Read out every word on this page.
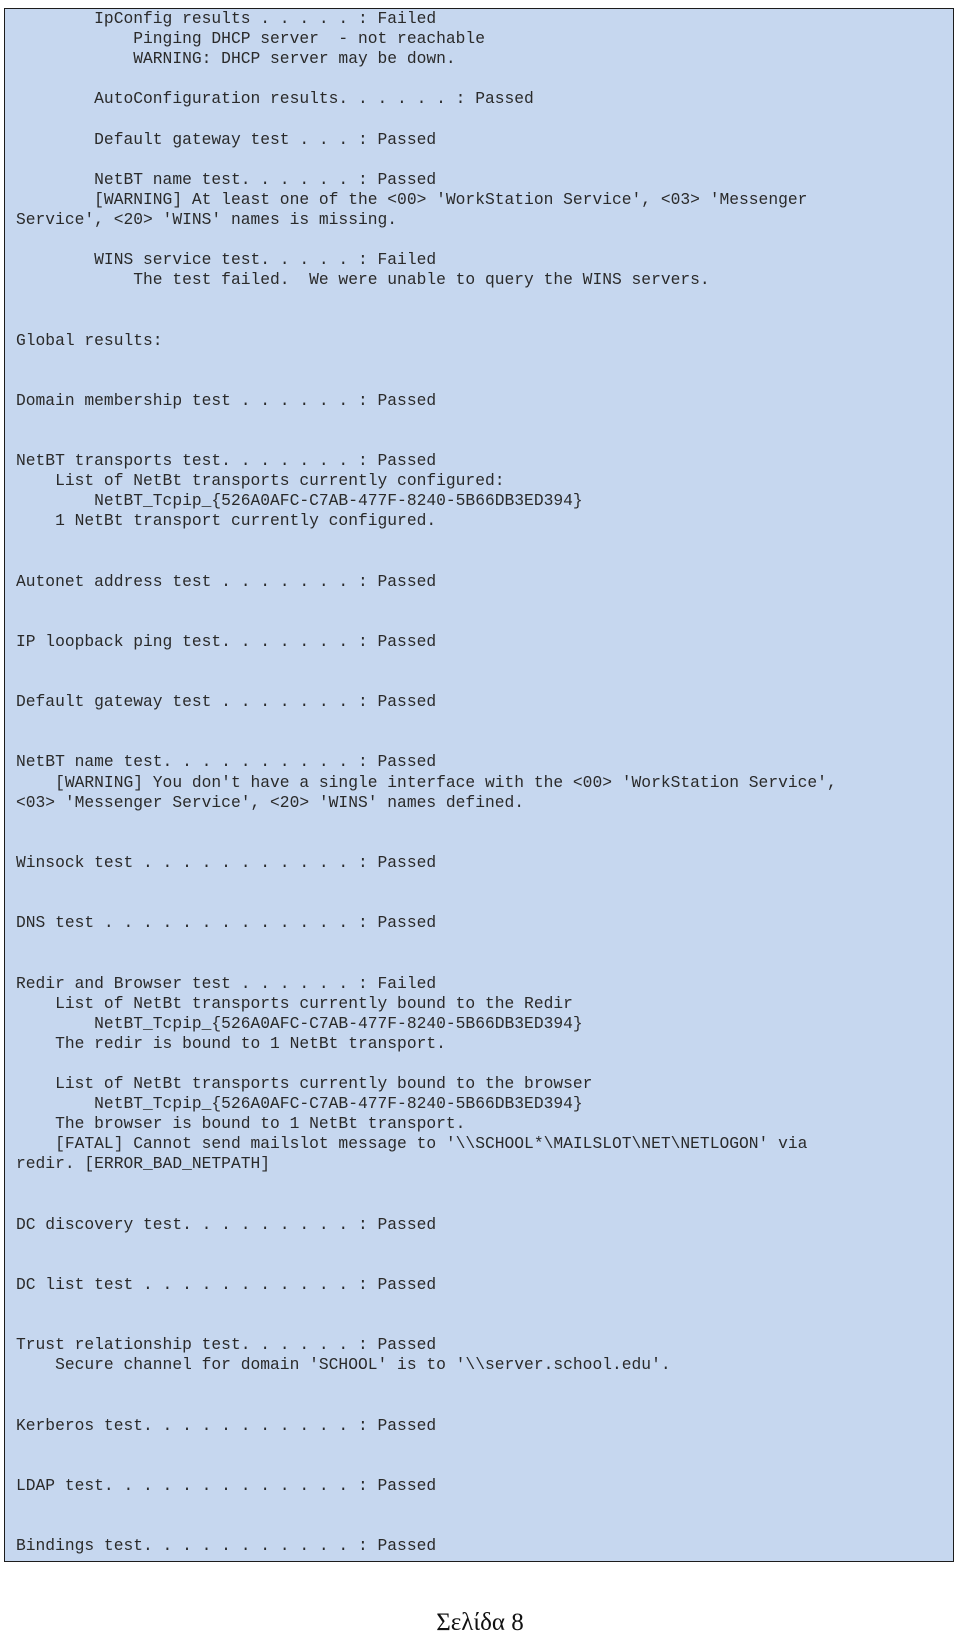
IpConfig results . . . . . : Failed
Pinging DHCP server  - not reachable
WARNING: DHCP server may be down.
AutoConfiguration results. . . . . . : Passed
Default gateway test . . . : Passed
NetBT name test. . . . . . : Passed
[WARNING] At least one of the <00> 'WorkStation Service', <03> 'Messenger
Service', <20> 'WINS' names is missing.
WINS service test. . . . . : Failed
The test failed.  We were unable to query the WINS servers.
Global results:
Domain membership test . . . . . . : Passed
NetBT transports test. . . . . . . : Passed
List of NetBt transports currently configured:
NetBT_Tcpip_{526A0AFC-C7AB-477F-8240-5B66DB3ED394}
1 NetBt transport currently configured.
Autonet address test . . . . . . . : Passed
IP loopback ping test. . . . . . . : Passed
Default gateway test . . . . . . . : Passed
NetBT name test. . . . . . . . . . : Passed
[WARNING] You don't have a single interface with the <00> 'WorkStation Service',
<03> 'Messenger Service', <20> 'WINS' names defined.
Winsock test . . . . . . . . . . . : Passed
DNS test . . . . . . . . . . . . . : Passed
Redir and Browser test . . . . . . : Failed
List of NetBt transports currently bound to the Redir
NetBT_Tcpip_{526A0AFC-C7AB-477F-8240-5B66DB3ED394}
The redir is bound to 1 NetBt transport.
List of NetBt transports currently bound to the browser
NetBT_Tcpip_{526A0AFC-C7AB-477F-8240-5B66DB3ED394}
The browser is bound to 1 NetBt transport.
[FATAL] Cannot send mailslot message to '\\SCHOOL*\MAILSLOT\NET\NETLOGON' via
redir. [ERROR_BAD_NETPATH]
DC discovery test. . . . . . . . . : Passed
DC list test . . . . . . . . . . . : Passed
Trust relationship test. . . . . . : Passed
Secure channel for domain 'SCHOOL' is to '\\server.school.edu'.
Kerberos test. . . . . . . . . . . : Passed
LDAP test. . . . . . . . . . . . . : Passed
Bindings test. . . . . . . . . . . : Passed
Σελίδα 8
